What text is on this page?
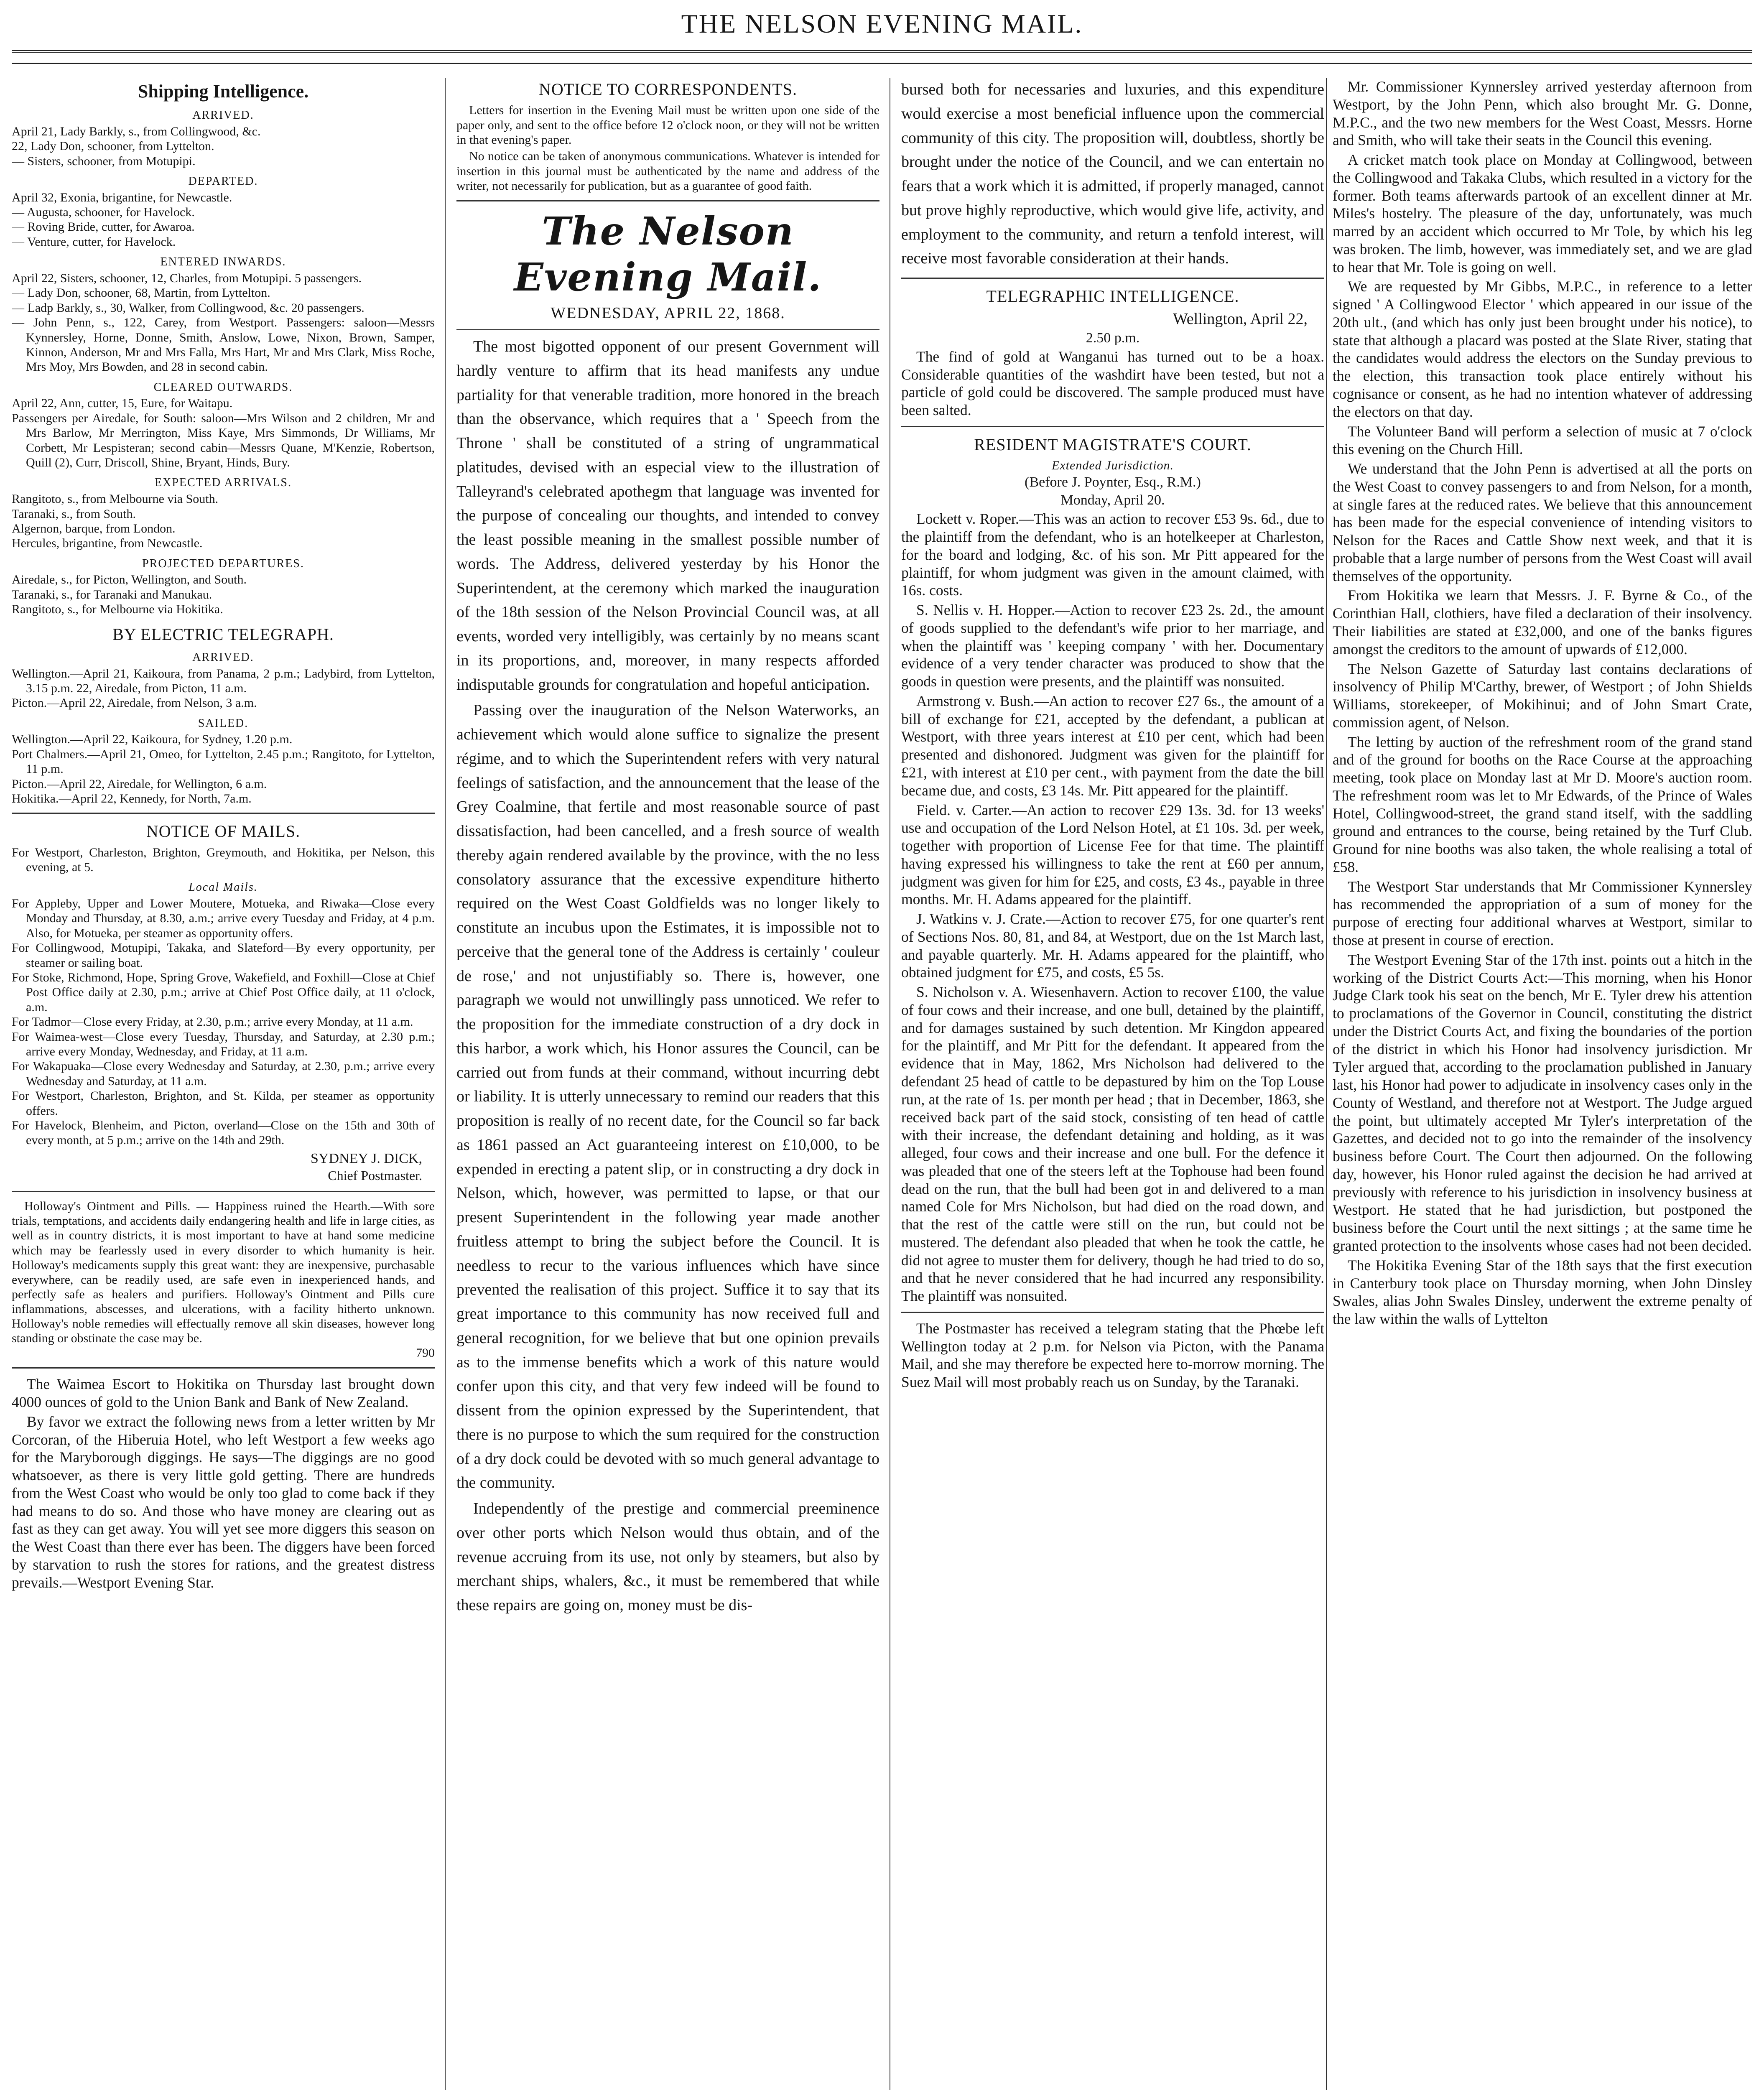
THE NELSON EVENING MAIL.
Shipping Intelligence.
ARRIVED.

April 21, Lady Barkly, s., from Collingwood, &c.

22, Lady Don, schooner, from Lyttelton.

— Sisters, schooner, from Motupipi.

DEPARTED.

April 32, Exonia, brigantine, for Newcastle.

— Augusta, schooner, for Havelock.

— Roving Bride, cutter, for Awaroa.

— Venture, cutter, for Havelock.

ENTERED INWARDS.

April 22, Sisters, schooner, 12, Charles, from Motupipi. 5 passengers.

— Lady Don, schooner, 68, Martin, from Lyttelton.

— Ladp Barkly, s., 30, Walker, from Collingwood, &c. 20 passengers.

— John Penn, s., 122, Carey, from Westport. Passengers: saloon—Messrs Kynnersley, Horne, Donne, Smith, Anslow, Lowe, Nixon, Brown, Samper, Kinnon, Anderson, Mr and Mrs Falla, Mrs Hart, Mr and Mrs Clark, Miss Roche, Mrs Moy, Mrs Bowden, and 28 in second cabin.

CLEARED OUTWARDS.

April 22, Ann, cutter, 15, Eure, for Waitapu.

Passengers per Airedale, for South: saloon—Mrs Wilson and 2 children, Mr and Mrs Barlow, Mr Merrington, Miss Kaye, Mrs Simmonds, Dr Williams, Mr Corbett, Mr Lespisteran; second cabin—Messrs Quane, M'Kenzie, Robertson, Quill (2), Curr, Driscoll, Shine, Bryant, Hinds, Bury.

EXPECTED ARRIVALS.

Rangitoto, s., from Melbourne via South.

Taranaki, s., from South.

Algernon, barque, from London.

Hercules, brigantine, from Newcastle.

PROJECTED DEPARTURES.

Airedale, s., for Picton, Wellington, and South.

Taranaki, s., for Taranaki and Manukau.

Rangitoto, s., for Melbourne via Hokitika.

BY ELECTRIC TELEGRAPH.
ARRIVED.

Wellington.—April 21, Kaikoura, from Panama, 2 p.m.; Ladybird, from Lyttelton, 3.15 p.m. 22, Airedale, from Picton, 11 a.m.

Picton.—April 22, Airedale, from Nelson, 3 a.m.

SAILED.

Wellington.—April 22, Kaikoura, for Sydney, 1.20 p.m.

Port Chalmers.—April 21, Omeo, for Lyttelton, 2.45 p.m.; Rangitoto, for Lyttelton, 11 p.m.

Picton.—April 22, Airedale, for Wellington, 6 a.m.

Hokitika.—April 22, Kennedy, for North, 7a.m.

NOTICE OF MAILS.

For Westport, Charleston, Brighton, Greymouth, and Hokitika, per Nelson, this evening, at 5.

Local Mails.

For Appleby, Upper and Lower Moutere, Motueka, and Riwaka—Close every Monday and Thursday, at 8.30, a.m.; arrive every Tuesday and Friday, at 4 p.m. Also, for Motueka, per steamer as opportunity offers.

For Collingwood, Motupipi, Takaka, and Slateford—By every opportunity, per steamer or sailing boat.

For Stoke, Richmond, Hope, Spring Grove, Wakefield, and Foxhill—Close at Chief Post Office daily at 2.30, p.m.; arrive at Chief Post Office daily, at 11 o'clock, a.m.

For Tadmor—Close every Friday, at 2.30, p.m.; arrive every Monday, at 11 a.m.

For Waimea-west—Close every Tuesday, Thursday, and Saturday, at 2.30 p.m.; arrive every Monday, Wednesday, and Friday, at 11 a.m.

For Wakapuaka—Close every Wednesday and Saturday, at 2.30, p.m.; arrive every Wednesday and Saturday, at 11 a.m.

For Westport, Charleston, Brighton, and St. Kilda, per steamer as opportunity offers.

For Havelock, Blenheim, and Picton, overland—Close on the 15th and 30th of every month, at 5 p.m.; arrive on the 14th and 29th.

SYDNEY J. DICK,
Chief Postmaster.

Holloway's Ointment and Pills. — Happiness ruined the Hearth.—With sore trials, temptations, and accidents daily endangering health and life in large cities, as well as in country districts, it is most important to have at hand some medicine which may be fearlessly used in every disorder to which humanity is heir. Holloway's medicaments supply this great want: they are inexpensive, purchasable everywhere, can be readily used, are safe even in inexperienced hands, and perfectly safe as healers and purifiers. Holloway's Ointment and Pills cure inflammations, abscesses, and ulcerations, with a facility hitherto unknown. Holloway's noble remedies will effectually remove all skin diseases, however long standing or obstinate the case may be.

790

The Waimea Escort to Hokitika on Thursday last brought down 4000 ounces of gold to the Union Bank and Bank of New Zealand.

By favor we extract the following news from a letter written by Mr Corcoran, of the Hiberuia Hotel, who left Westport a few weeks ago for the Maryborough diggings. He says—The diggings are no good whatsoever, as there is very little gold getting. There are hundreds from the West Coast who would be only too glad to come back if they had means to do so. And those who have money are clearing out as fast as they can get away. You will yet see more diggers this season on the West Coast than there ever has been. The diggers have been forced by starvation to rush the stores for rations, and the greatest distress prevails.—Westport Evening Star.

NOTICE TO CORRESPONDENTS.

Letters for insertion in the Evening Mail must be written upon one side of the paper only, and sent to the office before 12 o'clock noon, or they will not be written in that evening's paper.

No notice can be taken of anonymous communications. Whatever is intended for insertion in this journal must be authenticated by the name and address of the writer, not necessarily for publication, but as a guarantee of good faith.

The Nelson Evening Mail.
WEDNESDAY, APRIL 22, 1868.

The most bigotted opponent of our present Government will hardly venture to affirm that its head manifests any undue partiality for that venerable tradition, more honored in the breach than the observance, which requires that a ' Speech from the Throne ' shall be constituted of a string of ungrammatical platitudes, devised with an especial view to the illustration of Talleyrand's celebrated apothegm that language was invented for the purpose of concealing our thoughts, and intended to convey the least possible meaning in the smallest possible number of words. The Address, delivered yesterday by his Honor the Superintendent, at the ceremony which marked the inauguration of the 18th session of the Nelson Provincial Council was, at all events, worded very intelligibly, was certainly by no means scant in its proportions, and, moreover, in many respects afforded indisputable grounds for congratulation and hopeful anticipation.

Passing over the inauguration of the Nelson Waterworks, an achievement which would alone suffice to signalize the present régime, and to which the Superintendent refers with very natural feelings of satisfaction, and the announcement that the lease of the Grey Coalmine, that fertile and most reasonable source of past dissatisfaction, had been cancelled, and a fresh source of wealth thereby again rendered available by the province, with the no less consolatory assurance that the excessive expenditure hitherto required on the West Coast Goldfields was no longer likely to constitute an incubus upon the Estimates, it is impossible not to perceive that the general tone of the Address is certainly ' couleur de rose,' and not unjustifiably so. There is, however, one paragraph we would not unwillingly pass unnoticed. We refer to the proposition for the immediate construction of a dry dock in this harbor, a work which, his Honor assures the Council, can be carried out from funds at their command, without incurring debt or liability. It is utterly unnecessary to remind our readers that this proposition is really of no recent date, for the Council so far back as 1861 passed an Act guaranteeing interest on £10,000, to be expended in erecting a patent slip, or in constructing a dry dock in Nelson, which, however, was permitted to lapse, or that our present Superintendent in the following year made another fruitless attempt to bring the subject before the Council. It is needless to recur to the various influences which have since prevented the realisation of this project. Suffice it to say that its great importance to this community has now received full and general recognition, for we believe that but one opinion prevails as to the immense benefits which a work of this nature would confer upon this city, and that very few indeed will be found to dissent from the opinion expressed by the Superintendent, that there is no purpose to which the sum required for the construction of a dry dock could be devoted with so much general advantage to the community.

Independently of the prestige and commercial preeminence over other ports which Nelson would thus obtain, and of the revenue accruing from its use, not only by steamers, but also by merchant ships, whalers, &c., it must be remembered that while these repairs are going on, money must be dis-

bursed both for necessaries and luxuries, and this expenditure would exercise a most beneficial influence upon the commercial community of this city. The proposition will, doubtless, shortly be brought under the notice of the Council, and we can entertain no fears that a work which it is admitted, if properly managed, cannot but prove highly reproductive, which would give life, activity, and employment to the community, and return a tenfold interest, will receive most favorable consideration at their hands.

TELEGRAPHIC INTELLIGENCE.
Wellington, April 22,
2.50 p.m.

The find of gold at Wanganui has turned out to be a hoax. Considerable quantities of the washdirt have been tested, but not a particle of gold could be discovered. The sample produced must have been salted.

RESIDENT MAGISTRATE'S COURT.
Extended Jurisdiction.
(Before J. Poynter, Esq., R.M.)
Monday, April 20.

Lockett v. Roper.—This was an action to recover £53 9s. 6d., due to the plaintiff from the defendant, who is an hotelkeeper at Charleston, for the board and lodging, &c. of his son. Mr Pitt appeared for the plaintiff, for whom judgment was given in the amount claimed, with 16s. costs.

S. Nellis v. H. Hopper.—Action to recover £23 2s. 2d., the amount of goods supplied to the defendant's wife prior to her marriage, and when the plaintiff was ' keeping company ' with her. Documentary evidence of a very tender character was produced to show that the goods in question were presents, and the plaintiff was nonsuited.

Armstrong v. Bush.—An action to recover £27 6s., the amount of a bill of exchange for £21, accepted by the defendant, a publican at Westport, with three years interest at £10 per cent, which had been presented and dishonored. Judgment was given for the plaintiff for £21, with interest at £10 per cent., with payment from the date the bill became due, and costs, £3 14s. Mr. Pitt appeared for the plaintiff.

Field. v. Carter.—An action to recover £29 13s. 3d. for 13 weeks' use and occupation of the Lord Nelson Hotel, at £1 10s. 3d. per week, together with proportion of License Fee for that time. The plaintiff having expressed his willingness to take the rent at £60 per annum, judgment was given for him for £25, and costs, £3 4s., payable in three months. Mr. H. Adams appeared for the plaintiff.

J. Watkins v. J. Crate.—Action to recover £75, for one quarter's rent of Sections Nos. 80, 81, and 84, at Westport, due on the 1st March last, and payable quarterly. Mr. H. Adams appeared for the plaintiff, who obtained judgment for £75, and costs, £5 5s.

S. Nicholson v. A. Wiesenhavern. Action to recover £100, the value of four cows and their increase, and one bull, detained by the plaintiff, and for damages sustained by such detention. Mr Kingdon appeared for the plaintiff, and Mr Pitt for the defendant. It appeared from the evidence that in May, 1862, Mrs Nicholson had delivered to the defendant 25 head of cattle to be depastured by him on the Top Louse run, at the rate of 1s. per month per head ; that in December, 1863, she received back part of the said stock, consisting of ten head of cattle with their increase, the defendant detaining and holding, as it was alleged, four cows and their increase and one bull. For the defence it was pleaded that one of the steers left at the Tophouse had been found dead on the run, that the bull had been got in and delivered to a man named Cole for Mrs Nicholson, but had died on the road down, and that the rest of the cattle were still on the run, but could not be mustered. The defendant also pleaded that when he took the cattle, he did not agree to muster them for delivery, though he had tried to do so, and that he never considered that he had incurred any responsibility. The plaintiff was nonsuited.

The Postmaster has received a telegram stating that the Phœbe left Wellington today at 2 p.m. for Nelson via Picton, with the Panama Mail, and she may therefore be expected here to-morrow morning. The Suez Mail will most probably reach us on Sunday, by the Taranaki.

Mr. Commissioner Kynnersley arrived yesterday afternoon from Westport, by the John Penn, which also brought Mr. G. Donne, M.P.C., and the two new members for the West Coast, Messrs. Horne and Smith, who will take their seats in the Council this evening.

A cricket match took place on Monday at Collingwood, between the Collingwood and Takaka Clubs, which resulted in a victory for the former. Both teams afterwards partook of an excellent dinner at Mr. Miles's hostelry. The pleasure of the day, unfortunately, was much marred by an accident which occurred to Mr Tole, by which his leg was broken. The limb, however, was immediately set, and we are glad to hear that Mr. Tole is going on well.

We are requested by Mr Gibbs, M.P.C., in reference to a letter signed ' A Collingwood Elector ' which appeared in our issue of the 20th ult., (and which has only just been brought under his notice), to state that although a placard was posted at the Slate River, stating that the candidates would address the electors on the Sunday previous to the election, this transaction took place entirely without his cognisance or consent, as he had no intention whatever of addressing the electors on that day.

The Volunteer Band will perform a selection of music at 7 o'clock this evening on the Church Hill.

We understand that the John Penn is advertised at all the ports on the West Coast to convey passengers to and from Nelson, for a month, at single fares at the reduced rates. We believe that this announcement has been made for the especial convenience of intending visitors to Nelson for the Races and Cattle Show next week, and that it is probable that a large number of persons from the West Coast will avail themselves of the opportunity.

From Hokitika we learn that Messrs. J. F. Byrne & Co., of the Corinthian Hall, clothiers, have filed a declaration of their insolvency. Their liabilities are stated at £32,000, and one of the banks figures amongst the creditors to the amount of upwards of £12,000.

The Nelson Gazette of Saturday last contains declarations of insolvency of Philip M'Carthy, brewer, of Westport ; of John Shields Williams, storekeeper, of Mokihinui; and of John Smart Crate, commission agent, of Nelson.

The letting by auction of the refreshment room of the grand stand and of the ground for booths on the Race Course at the approaching meeting, took place on Monday last at Mr D. Moore's auction room. The refreshment room was let to Mr Edwards, of the Prince of Wales Hotel, Collingwood-street, the grand stand itself, with the saddling ground and entrances to the course, being retained by the Turf Club. Ground for nine booths was also taken, the whole realising a total of £58.

The Westport Star understands that Mr Commissioner Kynnersley has recommended the appropriation of a sum of money for the purpose of erecting four additional wharves at Westport, similar to those at present in course of erection.

The Westport Evening Star of the 17th inst. points out a hitch in the working of the District Courts Act:—This morning, when his Honor Judge Clark took his seat on the bench, Mr E. Tyler drew his attention to proclamations of the Governor in Council, constituting the district under the District Courts Act, and fixing the boundaries of the portion of the district in which his Honor had insolvency jurisdiction. Mr Tyler argued that, according to the proclamation published in January last, his Honor had power to adjudicate in insolvency cases only in the County of Westland, and therefore not at Westport. The Judge argued the point, but ultimately accepted Mr Tyler's interpretation of the Gazettes, and decided not to go into the remainder of the insolvency business before Court. The Court then adjourned. On the following day, however, his Honor ruled against the decision he had arrived at previously with reference to his jurisdiction in insolvency business at Westport. He stated that he had jurisdiction, but postponed the business before the Court until the next sittings ; at the same time he granted protection to the insolvents whose cases had not been decided.

The Hokitika Evening Star of the 18th says that the first execution in Canterbury took place on Thursday morning, when John Dinsley Swales, alias John Swales Dinsley, underwent the extreme penalty of the law within the walls of Lyttelton
